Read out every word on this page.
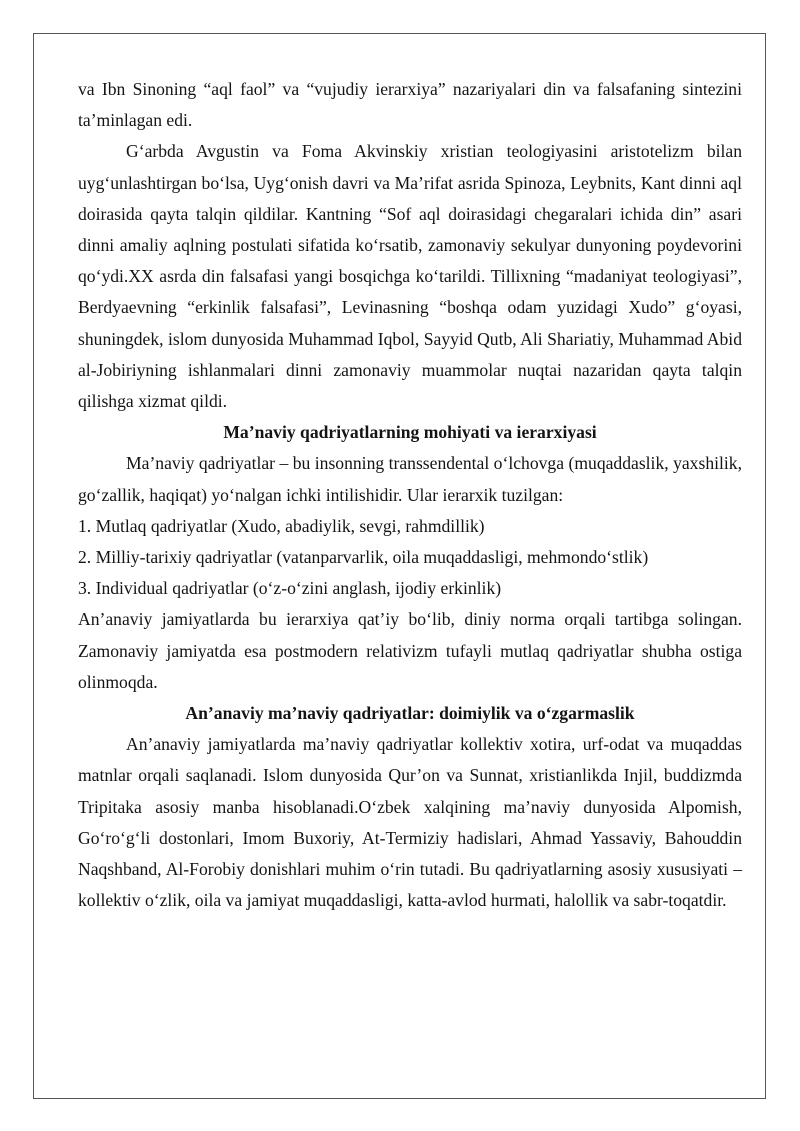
va Ibn Sinoning “aql faol” va “vujudiy ierarxiya” nazariyalari din va falsafaning sintezini ta’minlagan edi.

G‘arbda Avgustin va Foma Akvinskiy xristian teologiyasini aristotelizm bilan uyg‘unlashtirgan bo‘lsa, Uyg‘onish davri va Ma’rifat asrida Spinoza, Leybnits, Kant dinni aql doirasida qayta talqin qildilar. Kantning “Sof aql doirasidagi chegaralari ichida din” asari dinni amaliy aqlning postulati sifatida ko‘rsatib, zamonaviy sekulyar dunyoning poydevorini qo‘ydi.XX asrda din falsafasi yangi bosqichga ko‘tarildi. Tillixning “madaniyat teologiyasi”, Berdyaevning “erkinlik falsafasi”, Levinasning “boshqa odam yuzidagi Xudo” g‘oyasi, shuningdek, islom dunyosida Muhammad Iqbol, Sayyid Qutb, Ali Shariatiy, Muhammad Abid al-Jobiriyning ishlanmalari dinni zamonaviy muammolar nuqtai nazaridan qayta talqin qilishga xizmat qildi.

Ma’naviy qadriyatlarning mohiyati va ierarxiyasi

Ma’naviy qadriyatlar – bu insonning transsendental o‘lchovga (muqaddaslik, yaxshilik, go‘zallik, haqiqat) yo‘nalgan ichki intilishidir. Ular ierarxik tuzilgan:

1. Mutlaq qadriyatlar (Xudo, abadiylik, sevgi, rahmdillik)

2. Milliy-tarixiy qadriyatlar (vatanparvarlik, oila muqaddasligi, mehmondo‘stlik)

3. Individual qadriyatlar (o‘z-o‘zini anglash, ijodiy erkinlik)

An’anaviy jamiyatlarda bu ierarxiya qat’iy bo‘lib, diniy norma orqali tartibga solingan. Zamonaviy jamiyatda esa postmodern relativizm tufayli mutlaq qadriyatlar shubha ostiga olinmoqda.

An’anaviy ma’naviy qadriyatlar: doimiylik va o‘zgarmaslik

An’anaviy jamiyatlarda ma’naviy qadriyatlar kollektiv xotira, urf-odat va muqaddas matnlar orqali saqlanadi. Islom dunyosida Qur’on va Sunnat, xristianlikda Injil, buddizmda Tripitaka asosiy manba hisoblanadi.O‘zbek xalqining ma’naviy dunyosida Alpomish, Go‘ro‘g‘li dostonlari, Imom Buxoriy, At-Termiziy hadislari, Ahmad Yassaviy, Bahouddin Naqshband, Al-Forobiy donishlari muhim o‘rin tutadi. Bu qadriyatlarning asosiy xususiyati – kollektiv o‘zlik, oila va jamiyat muqaddasligi, katta-avlod hurmati, halollik va sabr-toqatdir.
